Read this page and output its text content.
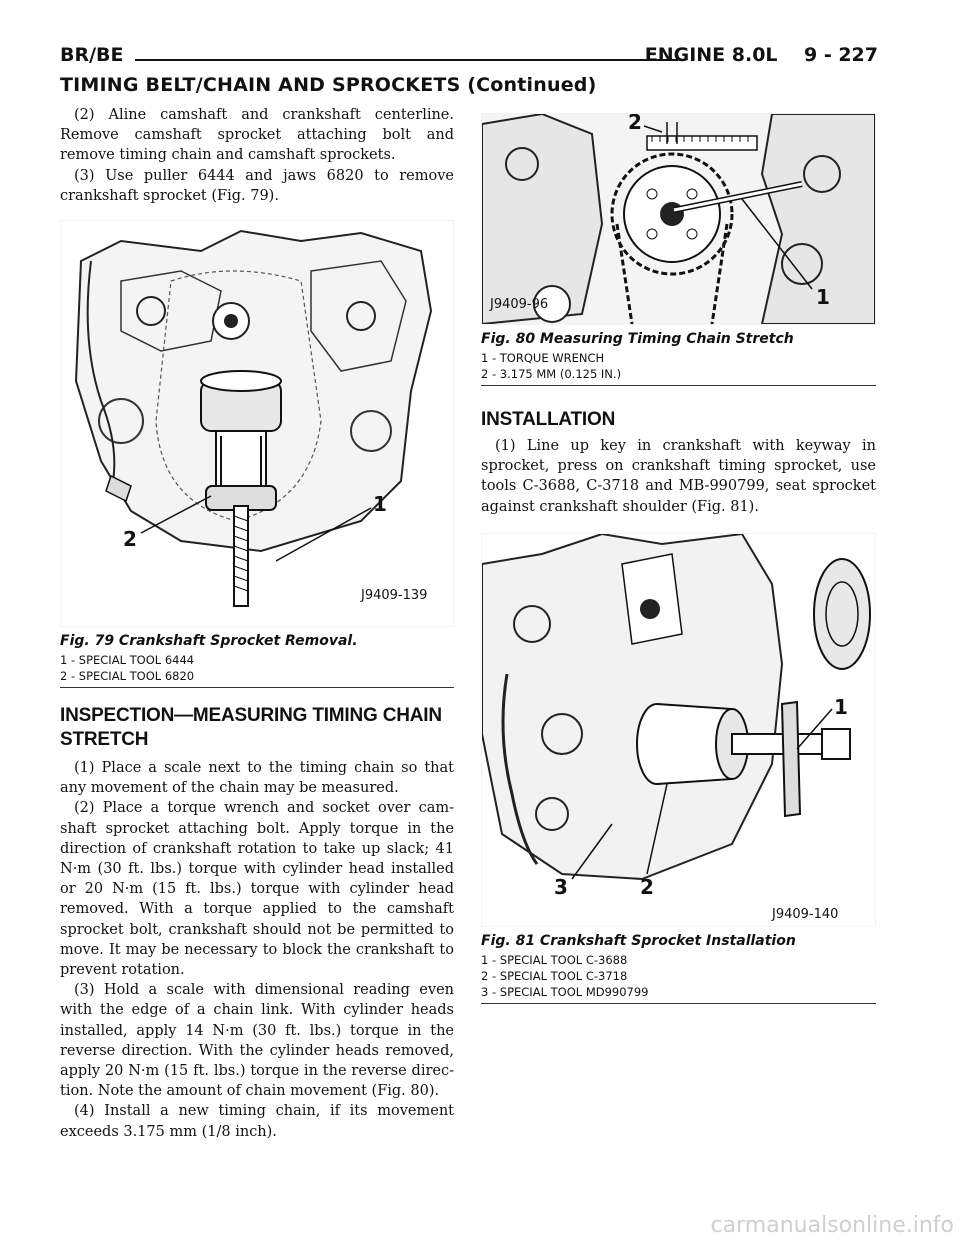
BR/BE	ENGINE 8.0L    9 - 227
TIMING BELT/CHAIN AND SPROCKETS (Continued)

(2) Aline camshaft and crankshaft centerline. Remove camshaft sprocket attaching bolt and remove timing chain and camshaft sprockets.

(3) Use puller 6444 and jaws 6820 to remove crankshaft sprocket (Fig. 79).

1
2
J9409-139
Fig. 79 Crankshaft Sprocket Removal.
1 - SPECIAL TOOL 6444
2 - SPECIAL TOOL 6820
INSPECTION—MEASURING TIMING CHAIN STRETCH

(1) Place a scale next to the timing chain so that any movement of the chain may be measured.

(2) Place a torque wrench and socket over cam- shaft sprocket attaching bolt. Apply torque in the direction of crankshaft rotation to take up slack; 41 N·m (30 ft. lbs.) torque with cylinder head installed or 20 N·m (15 ft. lbs.) torque with cylinder head removed. With a torque applied to the camshaft sprocket bolt, crankshaft should not be permitted to move. It may be necessary to block the crankshaft to prevent rotation.

(3) Hold a scale with dimensional reading even with the edge of a chain link. With cylinder heads installed, apply 14 N·m (30 ft. lbs.) torque in the reverse direction. With the cylinder heads removed, apply 20 N·m (15 ft. lbs.) torque in the reverse direc- tion. Note the amount of chain movement (Fig. 80).

(4) Install a new timing chain, if its movement exceeds 3.175 mm (1/8 inch).

2
1
J9409-96
Fig. 80 Measuring Timing Chain Stretch
1 - TORQUE WRENCH
2 - 3.175 MM (0.125 IN.)
INSTALLATION

(1) Line up key in crankshaft with keyway in sprocket, press on crankshaft timing sprocket, use tools C-3688, C-3718 and MB-990799, seat sprocket against crankshaft shoulder (Fig. 81).

1
3	2
J9409-140
Fig. 81 Crankshaft Sprocket Installation
1 - SPECIAL TOOL C-3688
2 - SPECIAL TOOL C-3718
3 - SPECIAL TOOL MD990799
carmanualsonline.info
